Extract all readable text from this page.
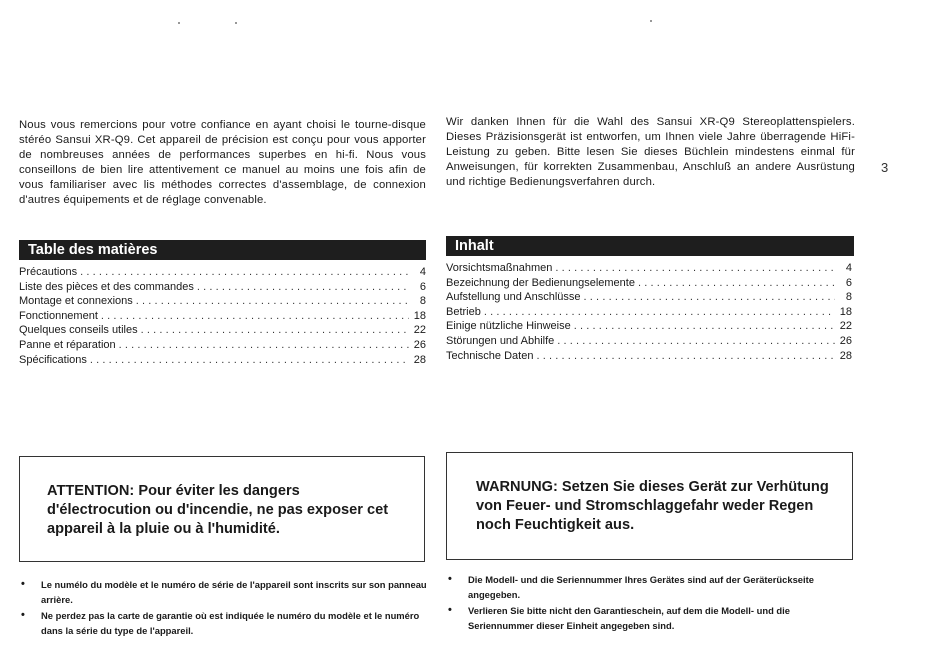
Nous vous remercions pour votre confiance en ayant choisi le tourne-disque stéréo Sansui XR-Q9. Cet appareil de précision est conçu pour vous apporter de nombreuses années de performances superbes en hi-fi. Nous vous conseillons de bien lire attentivement ce manuel au moins une fois afin de vous familiariser avec lis méthodes correctes d'assemblage, de connexion d'autres équipements et de réglage convenable.
Table des matières
Précautions .....	4
Liste des pièces et des commandes .....	6
Montage et connexions .....	8
Fonctionnement .....	18
Quelques conseils utiles .....	22
Panne et réparation .....	26
Spécifications .....	28
ATTENTION: Pour éviter les dangers d'électrocution ou d'incendie, ne pas exposer cet appareil à la pluie ou à l'humidité.
• Le numélo du modèle et le numéro de série de l'appareil sont inscrits sur son panneau arrière.
• Ne perdez pas la carte de garantie où est indiquée le numéro du modèle et le numéro dans la série du type de l'appareil.
Wir danken Ihnen für die Wahl des Sansui XR-Q9 Stereoplattenspielers. Dieses Präzisionsgerät ist entworfen, um Ihnen viele Jahre überragende HiFi-Leistung zu geben. Bitte lesen Sie dieses Büchlein mindestens einmal für Anweisungen, für korrekten Zusammenbau, Anschluß an andere Ausrüstung und richtige Bedienungsverfahren durch.
Inhalt
Vorsichtsmaßnahmen .....	4
Bezeichnung der Bedienungselemente .....	6
Aufstellung und Anschlüsse .....	8
Betrieb .....	18
Einige nützliche Hinweise .....	22
Störungen und Abhilfe .....	26
Technische Daten .....	28
WARNUNG: Setzen Sie dieses Gerät zur Verhütung von Feuer- und Stromschlaggefahr weder Regen noch Feuchtigkeit aus.
• Die Modell- und die Seriennummer Ihres Gerätes sind auf der Geräterückseite angegeben.
• Verlieren Sie bitte nicht den Garantieschein, auf dem die Modell- und die Seriennummer dieser Einheit angegeben sind.
3
